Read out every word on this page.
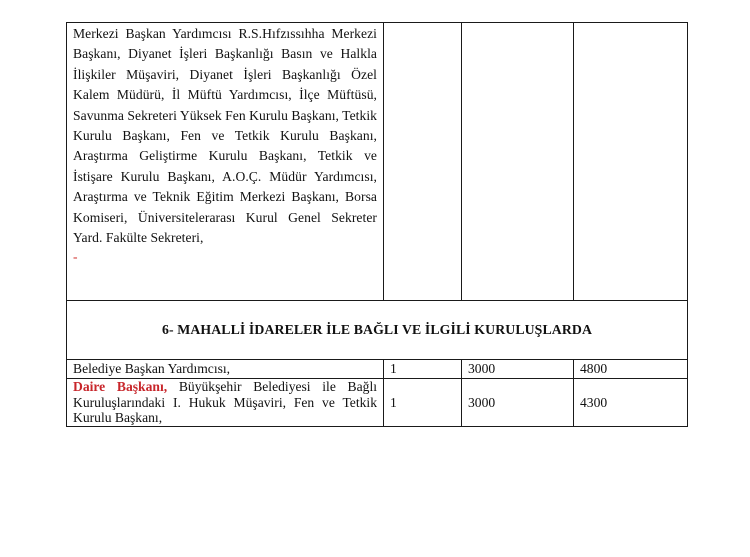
Merkezi Başkan Yardımcısı R.S.Hıfzıssıhha Merkezi Başkanı, Diyanet İşleri Başkanlığı Basın ve Halkla İlişkiler Müşaviri, Diyanet İşleri Başkanlığı Özel Kalem Müdürü, İl Müftü Yardımcısı, İlçe Müftüsü, Savunma Sekreteri Yüksek Fen Kurulu Başkanı, Tetkik Kurulu Başkanı, Fen ve Tetkik Kurulu Başkanı, Araştırma Geliştirme Kurulu Başkanı, Tetkik ve İstişare Kurulu Başkanı, A.O.Ç. Müdür Yardımcısı, Araştırma ve Teknik Eğitim Merkezi Başkanı, Borsa Komiseri, Üniversitelerarası Kurul Genel Sekreter Yard. Fakülte Sekreteri,
-			

6- MAHALLİ İDARELER İLE BAĞLI VE İLGİLİ KURULUŞLARDA			
Belediye Başkan Yardımcısı,	1	3000	4800
Daire Başkanı, Büyükşehir Belediyesi ile Bağlı Kuruluşlarındaki I. Hukuk Müşaviri, Fen ve Tetkik Kurulu Başkanı,	1	3000	4300
